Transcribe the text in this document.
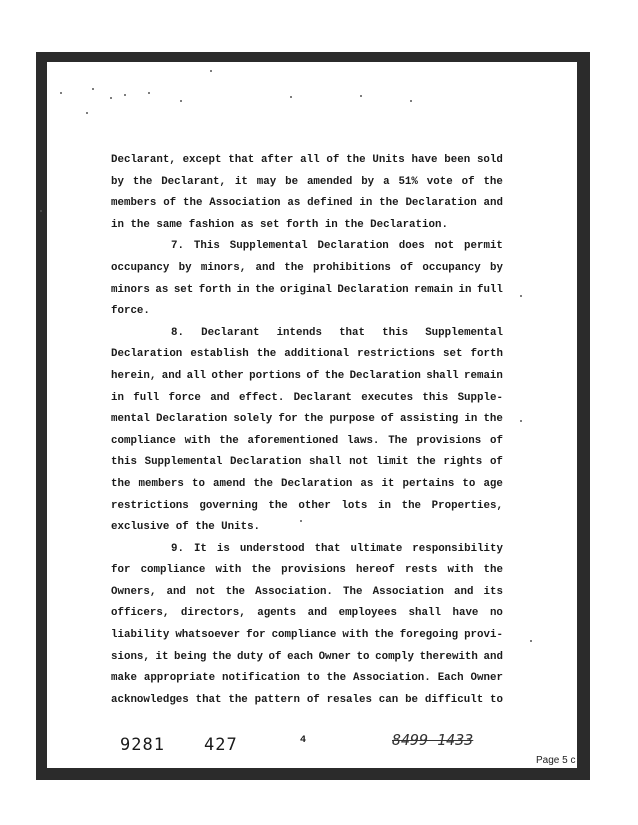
Declarant, except that after all of the Units have been sold
by the Declarant, it may be amended by a 51% vote of the
members of the Association as defined in the Declaration and
in the same fashion as set forth in the Declaration.
7. This Supplemental Declaration does not permit
occupancy by minors, and the prohibitions of occupancy by
minors as set forth in the original Declaration remain in full
force.
8. Declarant intends that this Supplemental
Declaration establish the additional restrictions set forth
herein, and all other portions of the Declaration shall remain
in full force and effect. Declarant executes this Supple-
mental Declaration solely for the purpose of assisting in the
compliance with the aforementioned laws. The provisions of
this Supplemental Declaration shall not limit the rights of
the members to amend the Declaration as it pertains to age
restrictions governing the other lots in the Properties,
exclusive of the Units.
9. It is understood that ultimate responsibility
for compliance with the provisions hereof rests with the
Owners, and not the Association. The Association and its
officers, directors, agents and employees shall have no
liability whatsoever for compliance with the foregoing provi-
sions, it being the duty of each Owner to comply therewith and
make appropriate notification to the Association. Each Owner
acknowledges that the pattern of resales can be difficult to
9281 427	4	8499 1433
Page 5 c
